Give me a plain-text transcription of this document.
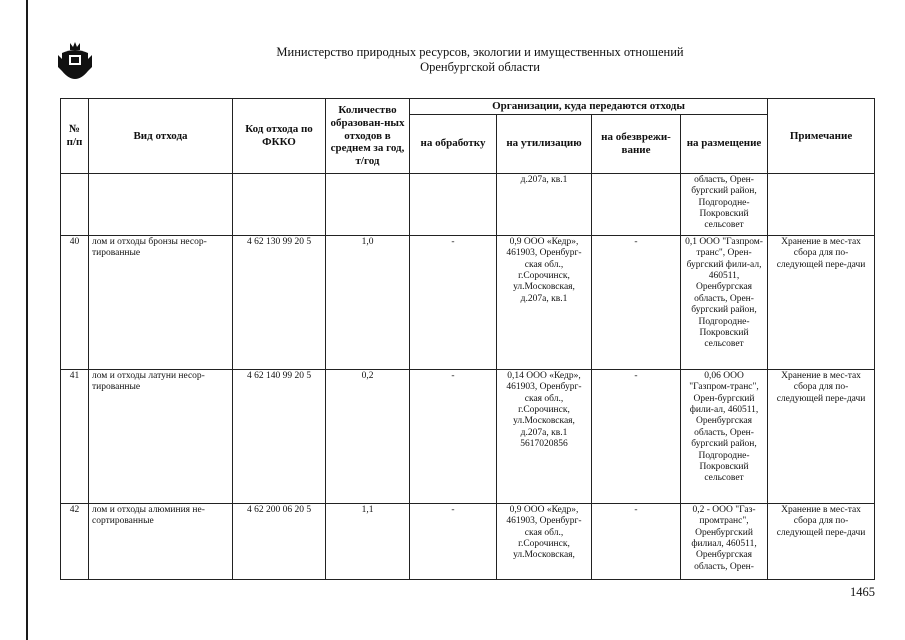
Министерство природных ресурсов, экологии и имущественных отношений
Оренбургской области
№ п/п	Вид отхода	Код отхода по ФККО	Количество образован-ных отходов в среднем за год, т/год	Организации, куда передаются отходы				Примечание
				на обработку	на утилизацию	на обезврежи-вание	на размещение	
					д.207а, кв.1		область, Орен-бургский район, Подгородне-Покровский сельсовет	
40	лом и отходы бронзы несор-тированные	4 62 130 99 20 5	1,0	-	0,9 ООО «Кедр», 461903, Оренбург-ская обл., г.Сорочинск, ул.Московская, д.207а, кв.1	-	0,1 ООО "Газпром-транс", Орен-бургский фили-ал, 460511, Оренбургская область, Орен-бургский район, Подгородне-Покровский сельсовет	Хранение в мес-тах сбора для по-следующей пере-дачи
41	лом и отходы латуни несор-тированные	4 62 140 99 20 5	0,2	-	0,14 ООО «Кедр», 461903, Оренбург-ская обл., г.Сорочинск, ул.Московская, д.207а, кв.1 5617020856	-	0,06 ООО "Газпром-транс", Орен-бургский фили-ал, 460511, Оренбургская область, Орен-бургский район, Подгородне-Покровский сельсовет	Хранение в мес-тах сбора для по-следующей пере-дачи
42	лом и отходы алюминия не-сортированные	4 62 200 06 20 5	1,1	-	0,9 ООО «Кедр», 461903, Оренбург-ская обл., г.Сорочинск, ул.Московская,	-	0,2 - ООО "Газ-промтранс", Оренбургский филиал, 460511, Оренбургская область, Орен-	Хранение в мес-тах сбора для по-следующей пере-дачи
1465
